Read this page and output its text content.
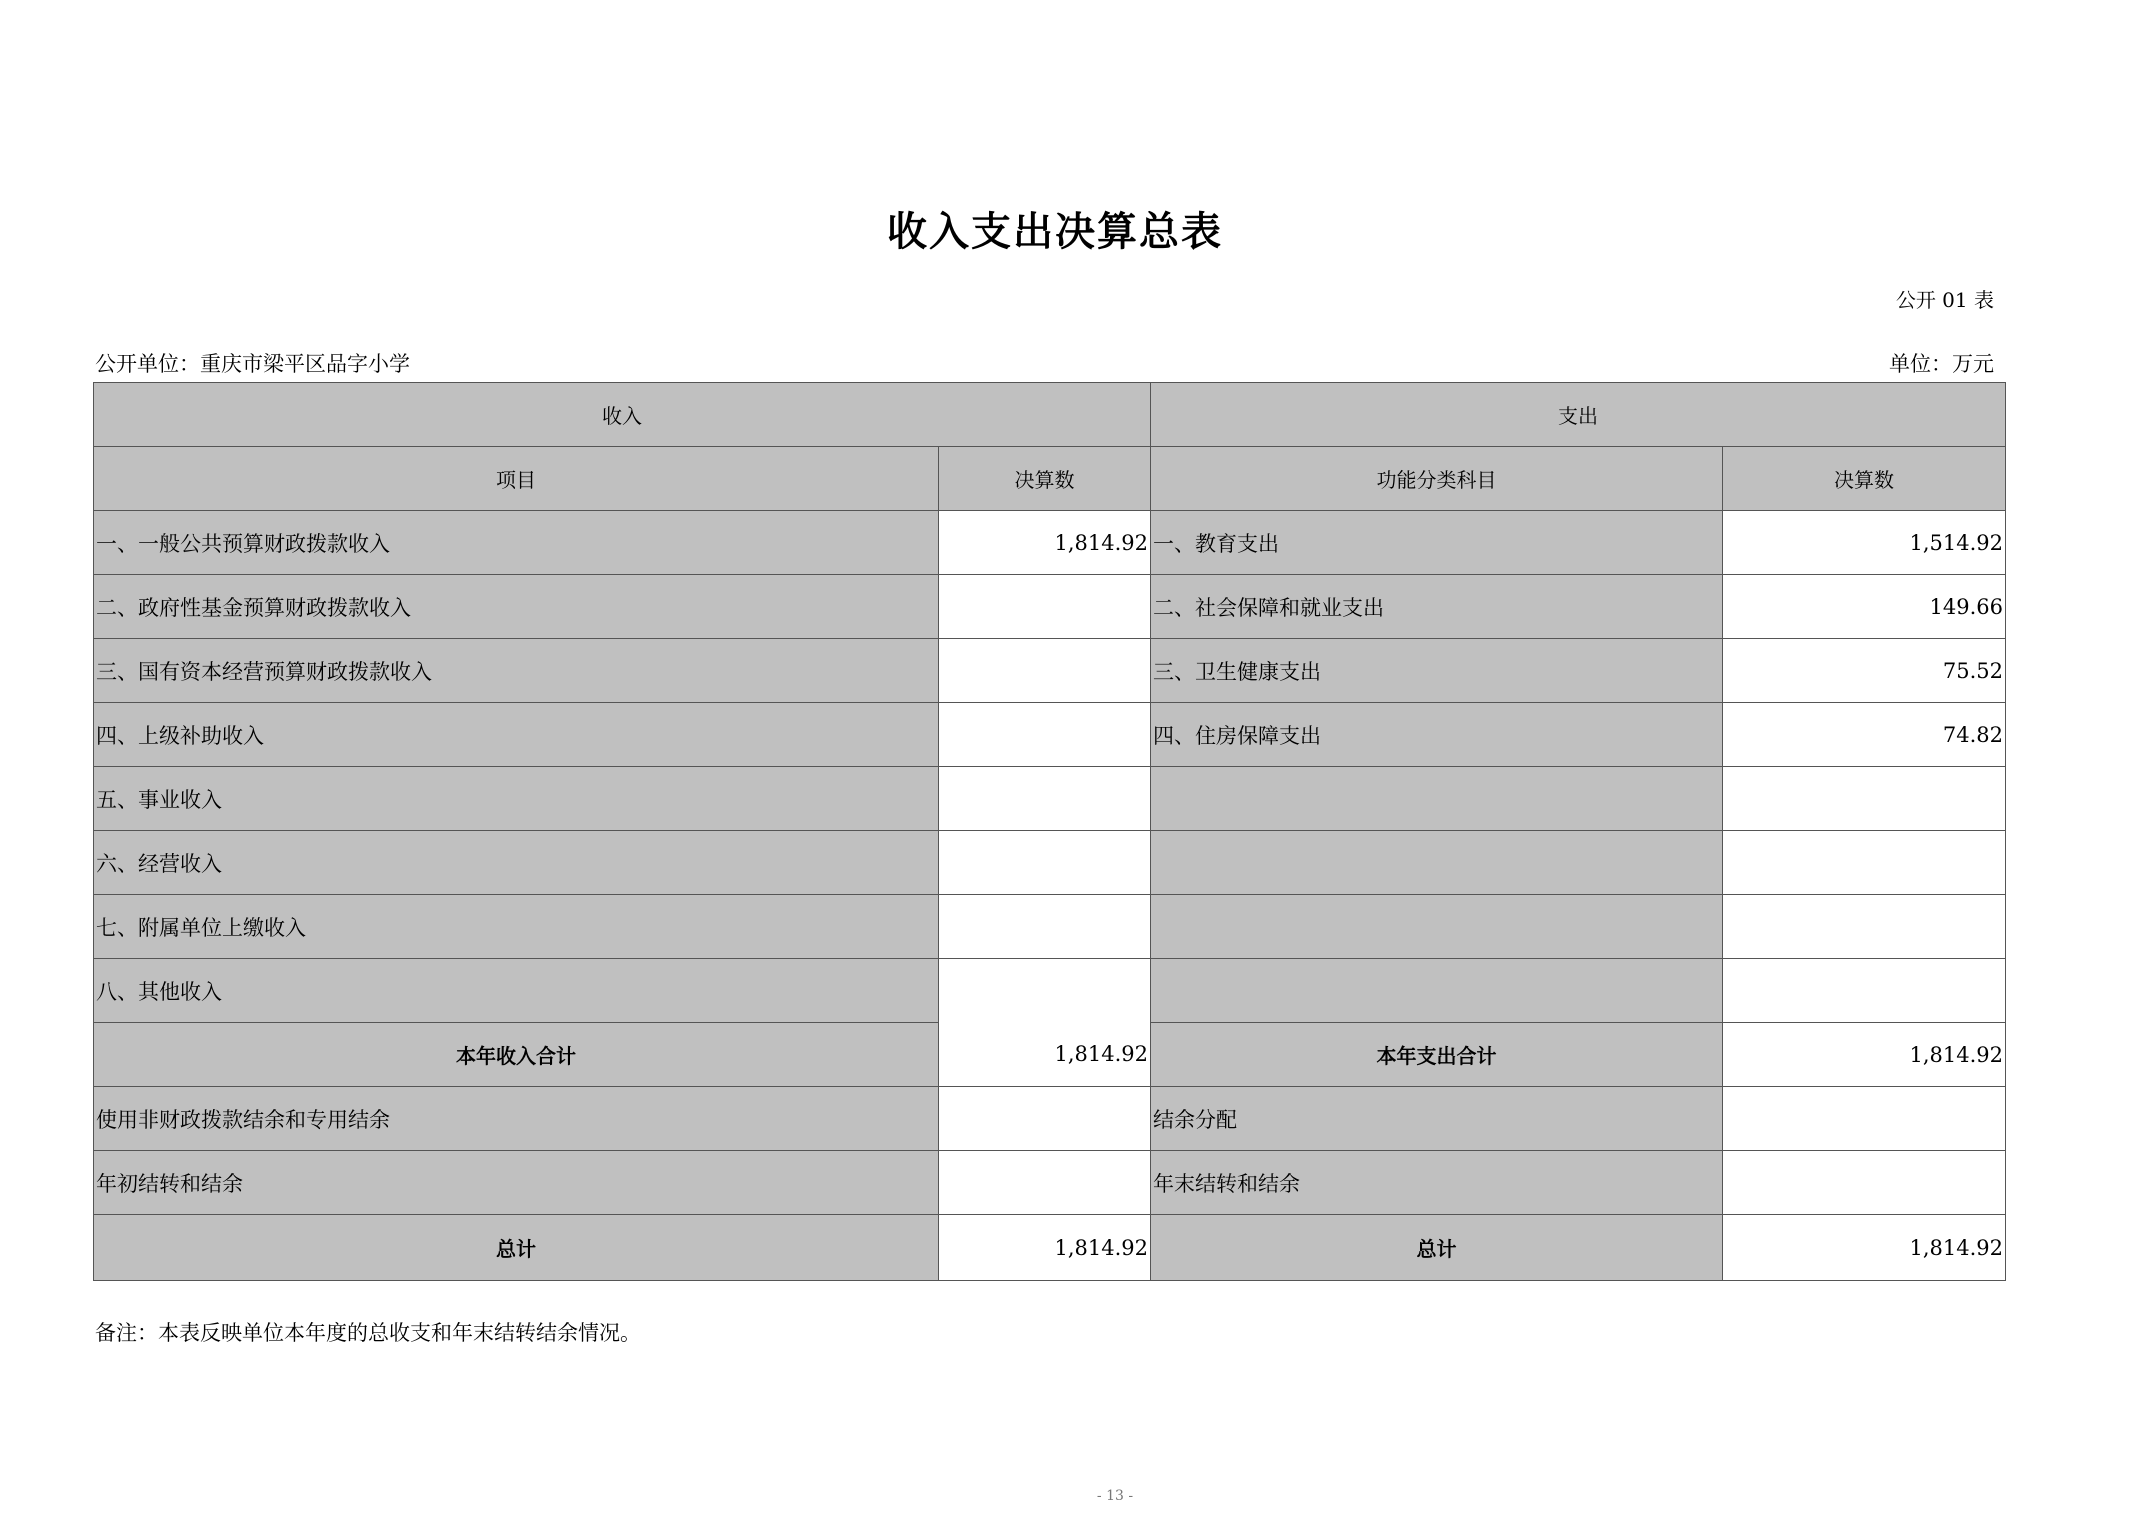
收入支出决算总表
公开 01 表
公开单位：重庆市梁平区品字小学	单位：万元
收入		支出	
项目	决算数	功能分类科目	决算数
一、一般公共预算财政拨款收入	1,814.92	一、教育支出	1,514.92
二、政府性基金预算财政拨款收入		二、社会保障和就业支出	149.66
三、国有资本经营预算财政拨款收入		三、卫生健康支出	75.52
四、上级补助收入		四、住房保障支出	74.82
五、事业收入			
六、经营收入			
七、附属单位上缴收入			
八、其他收入	1,814.92		
本年收入合计		本年支出合计	1,814.92
使用非财政拨款结余和专用结余		结余分配	
年初结转和结余		年末结转和结余	
总计	1,814.92	总计	1,814.92
备注：本表反映单位本年度的总收支和年末结转结余情况。
- 13 -
